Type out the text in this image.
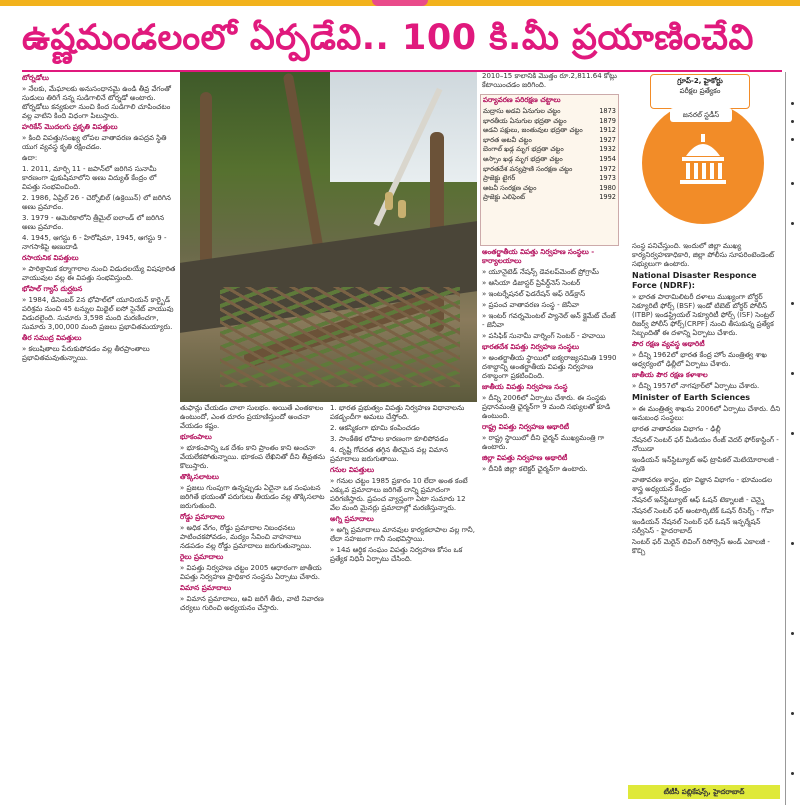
ఉష్ణమండలంలో ఏర్పడేవి.. 100 కి.మీ ప్రయాణించేవి

టోర్నడోలు

» నేలకు, మేఘాలకు అనుసంధానమై ఉండి తీవ్ర వేగంతో సుడులు తిరిగే సన్న సుడిగాలినే టోర్నడో అంటారు. టోర్నడోలు కన్యకులా నుంచి కింద సుడిగాలి చూపించటం వల్ల వాటిని కింది విధంగా పిలుస్తారు.

హరికేన్‌ మొదలగు ప్రకృతి విపత్తులు

» కింది విపత్తు/సంఖ్య లోపల వాతావరణ ఉపద్రవ స్థితి యుగ వ్యవస్థ కృతి రక్షించడం.

ఉదా:

1. 2011, మార్చి 11 - జపాన్‌లో జరిగిన సునామీ కారణంగా ఫుకుషిమాలోని అణు విద్యుత్‌ కేంద్రం లో విపత్తు సంభవించింది.

2. 1986, ఏప్రిల్‌ 26 - చెర్నోబిల్‌ (ఉక్రెయిన్‌) లో జరిగిన అణు ప్రమాదం.

3. 1979 - అమెరికాలోని త్రీమైల్‌ ఐలాండ్‌ లో జరిగిన అణు ప్రమాదం.

4. 1945, ఆగస్టు 6 - హిరోషిమా, 1945, ఆగస్టు 9 - నాగసాకిపై అణుదాడి

రసాయనిక విపత్తులు

» పారిశ్రామిక కర్మాగారాల నుంచి విడుదలయ్యే విషపూరిత వాయువుల వల్ల ఈ విపత్తు సంభవిస్తుంది.

భోపాల్‌ గ్యాస్‌ దుర్ఘటన

» 1984, డిసెంబర్‌ 2న భోపాల్‌లో యూనియన్‌ కార్బైడ్‌ పరిశ్రమ నుంచి 45 టన్నుల మిథైల్‌ ఐసో సైనేట్‌ వాయువు విడుదలైంది. సుమారు 3,598 మంది మరణించగా, సుమారు 3,00,000 మంది ప్రజలు ప్రభావితమయ్యారు.

తీర సముద్ర విపత్తులు

» కలుషితాలు పేరుకుపోవడం వల్ల తీరప్రాంతాలు ప్రభావితమవుతున్నాయి.

తుఫాన్లు చేయడం చాలా సులభం. అయితే ఎంతకాలం ఉంటుందో, ఎంత దూరం ప్రయాణిస్తుందో అంచనా వేయడం కష్టం.

భూకంపాలు

» భూకంపాన్ని ఒక దేశం కాని ప్రాంతం కాని అంచనా వేయలేకపోతున్నాయి. భూకంప లేఖినితో దీని తీవ్రతను కొలుస్తారు.

తొక్కిసలాటలు

» ప్రజలు గుంపుగా ఉన్నప్పుడు ఏదైనా ఒక సంఘటన జరిగితే భయంతో పరుగులు తీయడం వల్ల తొక్కిసలాట జరుగుతుంది.

రోడ్డు ప్రమాదాలు

» అధిక వేగం, రోడ్డు ప్రమాదాల నిబంధనలు పాటించకపోవడం, మద్యం సేవించి వాహనాలు నడపడం వల్ల రోడ్డు ప్రమాదాలు జరుగుతున్నాయి.

రైలు ప్రమాదాలు

» విపత్తు నిర్వహణ చట్టం 2005 ఆధారంగా జాతీయ విపత్తు నిర్వహణ ప్రాధికార సంస్థను ఏర్పాటు చేశారు.

విమాన ప్రమాదాలు

» విమాన ప్రమాదాలు, అవి జరిగే తీరు, వాటి నివారణ చర్యలు గురించి అధ్యయనం చేస్తారు.

1. భారత ప్రభుత్వం విపత్తు నిర్వహణ విధానాలను పకడ్బందీగా అమలు చేస్తోంది.

2. ఆకస్మికంగా భూమి కంపించడం

3. సాంకేతిక లోపాల కారణంగా కూలిపోవడం

4. దృష్టి గోచరత తగ్గిన తీరమైన వల్ల విమాన ప్రమాదాలు జరుగుతాయి.

గనుల విపత్తులు

» గనుల చట్టం 1985 ప్రకారం 10 లేదా అంత కంటే ఎక్కువ ప్రమాదాలు జరిగితే దాన్ని ప్రమాదంగా పరిగణిస్తారు. ప్రపంచ వ్యాప్తంగా ఏటా సుమారు 12 వేల మంది మైనర్లు ప్రమాదాల్లో మరణిస్తున్నారు.

అగ్ని ప్రమాదాలు

» అగ్ని ప్రమాదాలు మానవుల కార్యకలాపాల వల్ల గానీ, లేదా సహజంగా గానీ సంభవిస్తాయి.

» 14వ ఆర్థిక సంఘం విపత్తు నిర్వహణ కోసం ఒక ప్రత్యేక నిధిని ఏర్పాటు చేసింది.

2010–15 కాలానికి మొత్తం రూ.2,811.64 కోట్లు కేటాయించడం జరిగింది.

పర్యావరణ పరిరక్షణ చట్టాలు
మద్రాసు అడవి ఏనుగుల చట్టం	1873
భారతీయ ఏనుగుల భద్రతా చట్టం	1879
అడవి పక్షులు, జంతువుల భద్రతా చట్టం	1912
భారత అటవీ చట్టం	1927
బెంగాల్‌ ఖడ్గ మృగ భద్రతా చట్టం	1932
అస్సాం ఖడ్గ మృగ భద్రతా చట్టం	1954
భారతదేశ వన్యప్రాణి సంరక్షణ చట్టం	1972
ప్రాజెక్టు టైగర్‌	1973
అటవీ సంరక్షణ చట్టం	1980
ప్రాజెక్టు ఎలిఫెంట్‌	1992

అంతర్జాతీయ విపత్తు నిర్వహణ సంస్థలు - కార్యాలయాలు

» యూనైటెడ్‌ నేషన్స్‌ డెవలప్‌మెంట్‌ ప్రోగ్రామ్‌

» ఆసియా డిజాస్టర్‌ ప్రిపేర్డ్‌నెస్‌ సెంటర్‌

» ఇంటర్నేషనల్‌ ఫెడరేషన్‌ ఆఫ్‌ రెడ్‌క్రాస్‌

» ప్రపంచ వాతావరణ సంస్థ - జెనీవా

» ఇంటర్‌ గవర్నమెంటల్‌ ప్యానెల్‌ ఆన్‌ క్లైమేట్‌ చేంజ్‌ - జెనీవా

» పసిఫిక్‌ సునామీ వార్నింగ్‌ సెంటర్‌ - హవాయి

భారతదేశ విపత్తు నిర్వహణ సంస్థలు

» అంతర్జాతీయ స్థాయిలో ఐక్యరాజ్యసమితి 1990 దశాబ్దాన్ని అంతర్జాతీయ విపత్తు నిర్వహణ దశాబ్దంగా ప్రకటించింది.

జాతీయ విపత్తు నిర్వహణ సంస్థ

» దీన్ని 2006లో ఏర్పాటు చేశారు. ఈ సంస్థకు ప్రధానమంత్రి ఛైర్మన్‌గా 9 మంది సభ్యులతో కూడి ఉంటుంది.

రాష్ట్ర విపత్తు నిర్వహణ అథారిటీ

» రాష్ట్ర స్థాయిలో దీని ఛైర్మన్‌ ముఖ్యమంత్రి గా ఉంటారు.

జిల్లా విపత్తు నిర్వహణ అథారిటీ

» దీనికి జిల్లా కలెక్టర్‌ ఛైర్మన్‌గా ఉంటారు.

గ్రూప్‌-2, హైకోర్టు
పరీక్షల ప్రత్యేకం
జనరల్‌ స్టడీస్‌

సంస్థ పనిచేస్తుంది. ఇందులో జిల్లా ముఖ్య కార్యనిర్వహణాధికారి, జిల్లా పోలీసు సూపరింటెండెంట్‌ సభ్యులుగా ఉంటారు.

National Disaster Responce Force (NDRF):

» భారత పారామిలిటరీ దళాలు ముఖ్యంగా బోర్డర్‌ సెక్యూరిటీ ఫోర్స్‌ (BSF) ఇండో టిబెట్‌ బోర్డర్‌ పోలీస్‌ (ITBP) ఇండస్ట్రియల్‌ సెక్యూరిటీ ఫోర్స్‌ (ISF) సెంట్రల్‌ రిజర్వ్‌ పోలీస్‌ ఫోర్స్‌(CRPF) నుంచి తీసుకున్న ప్రత్యేక సిబ్బందితో ఈ దళాన్ని ఏర్పాటు చేశారు.

పౌర రక్షణ వ్యవస్థ అథారిటీ

» దీన్ని 1962లో భారత కేంద్ర హోం మంత్రిత్వ శాఖ ఆధ్వర్యంలో ఢిల్లీలో ఏర్పాటు చేశారు.

జాతీయ పౌర రక్షణ కళాశాల

» దీన్ని 1957లో నాగపూర్‌లో ఏర్పాటు చేశారు.

Minister of Earth Sciences

» ఈ మంత్రిత్వ శాఖను 2006లో ఏర్పాటు చేశారు. దీని అనుబంధ సంస్థలు:

భారత వాతావరణ విభాగం - ఢిల్లీ

నేషనల్‌ సెంటర్‌ ఫర్‌ మీడియం రేంజ్‌ వెదర్‌ ఫోర్‌కాస్టింగ్‌ - నోయిడా

ఇండియన్‌ ఇన్‌స్టిట్యూట్‌ ఆఫ్‌ ట్రాపికల్‌ మెటియోరాలజీ - పుణె

వాతావరణ శాస్త్రం, భూ విజ్ఞాన విభాగం - భూమండల శాస్త్ర అధ్యయన కేంద్రం

నేషనల్‌ ఇన్‌స్టిట్యూట్‌ ఆఫ్‌ ఓషన్‌ టెక్నాలజీ - చెన్నై

నేషనల్‌ సెంటర్‌ ఫర్‌ అంటార్కిటిక్‌ ఓషన్‌ రీసెర్చ్‌ - గోవా

ఇండియన్‌ నేషనల్‌ సెంటర్‌ ఫర్‌ ఓషన్‌ ఇన్ఫర్మేషన్‌ సర్వీసెస్‌ - హైదరాబాద్‌

సెంటర్‌ ఫర్‌ మెరైన్‌ లివింగ్‌ రిసోర్సెస్‌ అండ్‌ ఎకాలజీ - కొచ్చి

టీటీసీ పబ్లికేషన్స్‌, హైదరాబాద్‌
